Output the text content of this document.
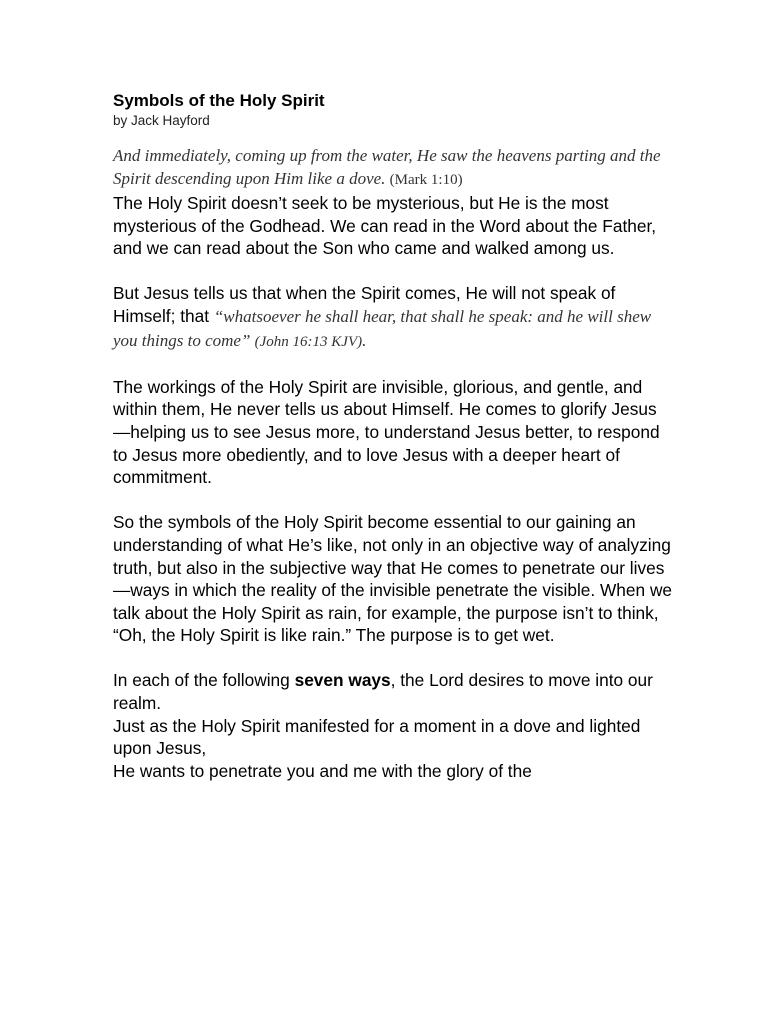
Symbols of the Holy Spirit
by Jack Hayford

And immediately, coming up from the water, He saw the heavens parting and the Spirit descending upon Him like a dove. (Mark 1:10)

The Holy Spirit doesn’t seek to be mysterious, but He is the most mysterious of the Godhead. We can read in the Word about the Father, and we can read about the Son who came and walked among us.

But Jesus tells us that when the Spirit comes, He will not speak of Himself; that “whatsoever he shall hear, that shall he speak: and he will shew you things to come” (John 16:13 KJV).

The workings of the Holy Spirit are invisible, glorious, and gentle, and within them, He never tells us about Himself. He comes to glorify Jesus—helping us to see Jesus more, to understand Jesus better, to respond to Jesus more obediently, and to love Jesus with a deeper heart of commitment.

So the symbols of the Holy Spirit become essential to our gaining an understanding of what He’s like, not only in an objective way of analyzing truth, but also in the subjective way that He comes to penetrate our lives—ways in which the reality of the invisible penetrate the visible. When we talk about the Holy Spirit as rain, for example, the purpose isn’t to think, “Oh, the Holy Spirit is like rain.” The purpose is to get wet.

In each of the following seven ways, the Lord desires to move into our realm.

Just as the Holy Spirit manifested for a moment in a dove and lighted upon Jesus,

He wants to penetrate you and me with the glory of the
